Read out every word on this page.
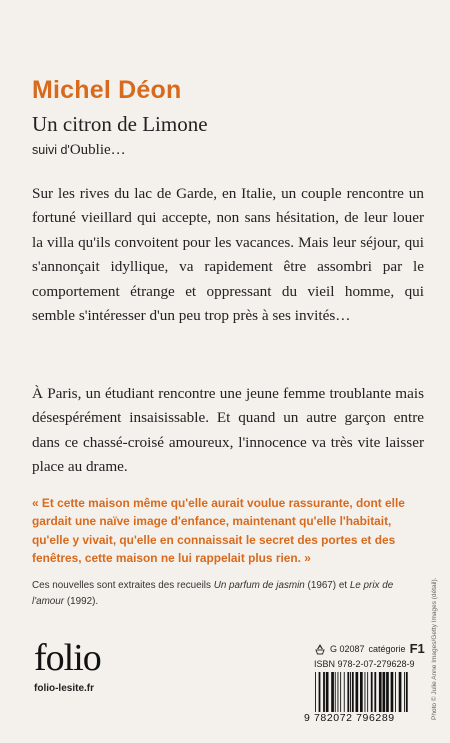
Michel Déon
Un citron de Limone
suivi d'Oublie…

Sur les rives du lac de Garde, en Italie, un couple rencontre un fortuné vieillard qui accepte, non sans hésitation, de leur louer la villa qu'ils convoitent pour les vacances. Mais leur séjour, qui s'annonçait idyllique, va rapidement être assombri par le comportement étrange et oppressant du vieil homme, qui semble s'intéresser d'un peu trop près à ses invités…

À Paris, un étudiant rencontre une jeune femme troublante mais désespérément insaisissable. Et quand un autre garçon entre dans ce chassé-croisé amoureux, l'innocence va très vite laisser place au drame.

« Et cette maison même qu'elle aurait voulue rassurante, dont elle gardait une naïve image d'enfance, maintenant qu'elle l'habitait, qu'elle y vivait, qu'elle en connaissait le secret des portes et des fenêtres, cette maison ne lui rappelait plus rien. »

Ces nouvelles sont extraites des recueils Un parfum de jasmin (1967) et Le prix de l'amour (1992).

folio
folio-lesite.fr
G 02087 catégorie F1
ISBN 978-2-07-279628-9
9 782072 796289	Photo © Julie Anne Images/Getty Images (détail).
